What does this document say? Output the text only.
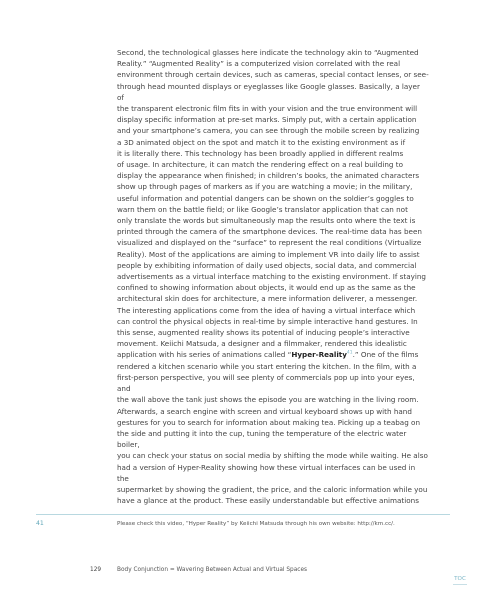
Second, the technological glasses here indicate the technology akin to “Augmented

Reality.” “Augmented Reality” is a computerized vision correlated with the real

environment through certain devices, such as cameras, special contact lenses, or see-

through head mounted displays or eyeglasses like Google glasses. Basically, a layer of

the transparent electronic film fits in with your vision and the true environment will

display specific information at pre-set marks. Simply put, with a certain application

and your smartphone’s camera, you can see through the mobile screen by realizing

a 3D animated object on the spot and match it to the existing environment as if

it is literally there. This technology has been broadly applied in different realms

of usage. In architecture, it can match the rendering effect on a real building to

display the appearance when finished; in children’s books, the animated characters

show up through pages of markers as if you are watching a movie; in the military,

useful information and potential dangers can be shown on the soldier’s goggles to

warn them on the battle field; or like Google’s translator application that can not

only translate the words but simultaneously map the results onto where the text is

printed through the camera of the smartphone devices. The real-time data has been

visualized and displayed on the “surface” to represent the real conditions (Virtualize

Reality). Most of the applications are aiming to implement VR into daily life to assist

people by exhibiting information of daily used objects, social data, and commercial

advertisements as a virtual interface matching to the existing environment. If staying

confined to showing information about objects, it would end up as the same as the

architectural skin does for architecture, a mere information deliverer, a messenger.

The interesting applications come from the idea of having a virtual interface which

can control the physical objects in real-time by simple interactive hand gestures. In

this sense, augmented reality shows its potential of inducing people’s interactive

movement. Keiichi Matsuda, a designer and a filmmaker, rendered this idealistic

application with his series of animations called “Hyper-Reality$^{41}$.” One of the films

rendered a kitchen scenario while you start entering the kitchen. In the film, with a

first-person perspective, you will see plenty of commercials pop up into your eyes, and

the wall above the tank just shows the episode you are watching in the living room.

Afterwards, a search engine with screen and virtual keyboard shows up with hand

gestures for you to search for information about making tea. Picking up a teabag on

the side and putting it into the cup, tuning the temperature of the electric water boiler,

you can check your status on social media by shifting the mode while waiting. He also

had a version of Hyper-Reality showing how these virtual interfaces can be used in the

supermarket by showing the gradient, the price, and the caloric information while you

have a glance at the product. These easily understandable but effective animations

41	Please check this video, “Hyper Reality” by Keiichi Matsuda through his own website: http://km.cc/.
129	Body Conjunction = Wavering Between Actual and Virtual Spaces
TOC
